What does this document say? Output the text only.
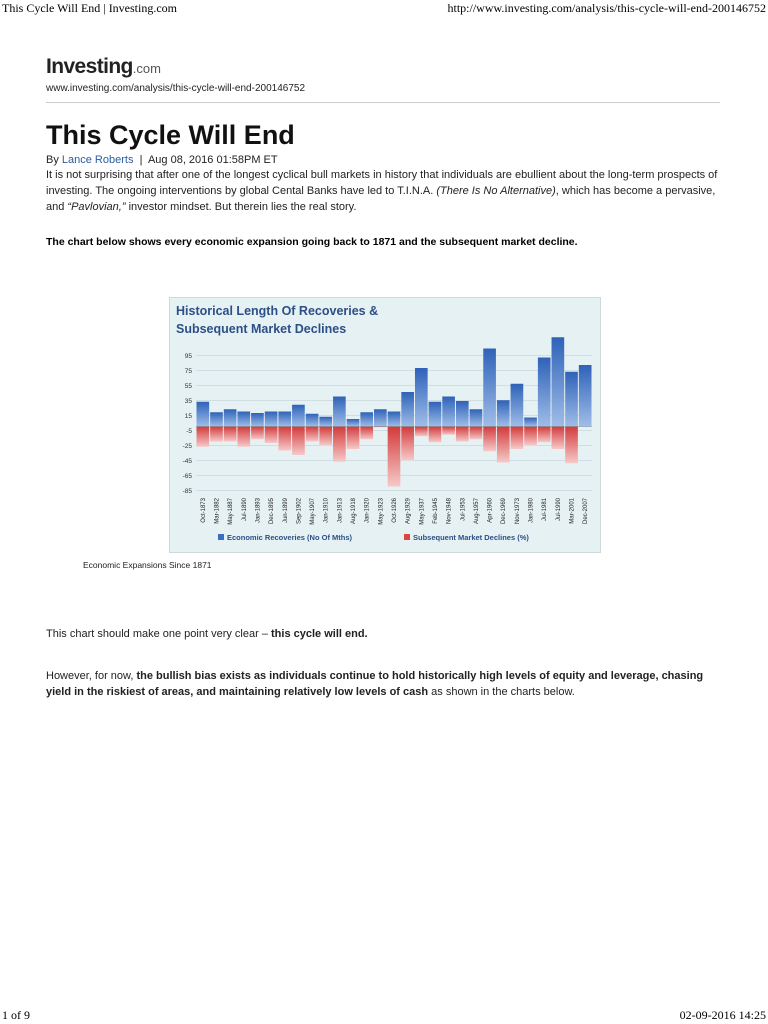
This Cycle Will End | Investing.com	http://www.investing.com/analysis/this-cycle-will-end-200146752
Investing.com
www.investing.com/analysis/this-cycle-will-end-200146752
This Cycle Will End
By Lance Roberts | Aug 08, 2016 01:58PM ET
It is not surprising that after one of the longest cyclical bull markets in history that individuals are ebullient about the long-term prospects of investing. The ongoing interventions by global Cental Banks have led to T.I.N.A. (There Is No Alternative), which has become a pervasive, and “Pavlovian,” investor mindset. But therein lies the real story.
The chart below shows every economic expansion going back to 1871 and the subsequent market decline.
Historical Length Of Recoveries &
Subsequent Market Declines
95
75
55
35
15
-5
-25
-45
-65
-85
Oct-1873 Mar-1882 May-1887 Jul-1890 Jan-1893 Dec-1895 Jun-1899 Sep-1902 May-1907 Jan-1910 Jan-1913 Aug-1918 Jan-1920 May-1923 Oct-1926 Aug-1929 May-1937 Feb-1945 Nov-1948 Jul-1953 Aug-1957 Apr-1960 Dec-1969 Nov-1973 Jan-1980 Jul-1981 Jul-1990 Mar-2001 Dec-2007
Economic Recoveries (No Of Mths)	Subsequent Market Declines (%)
Economic Expansions Since 1871
This chart should make one point very clear – this cycle will end.
However, for now, the bullish bias exists as individuals continue to hold historically high levels of equity and leverage, chasing yield in the riskiest of areas, and maintaining relatively low levels of cash as shown in the charts below.
1 of 9	02-09-2016 14:25
